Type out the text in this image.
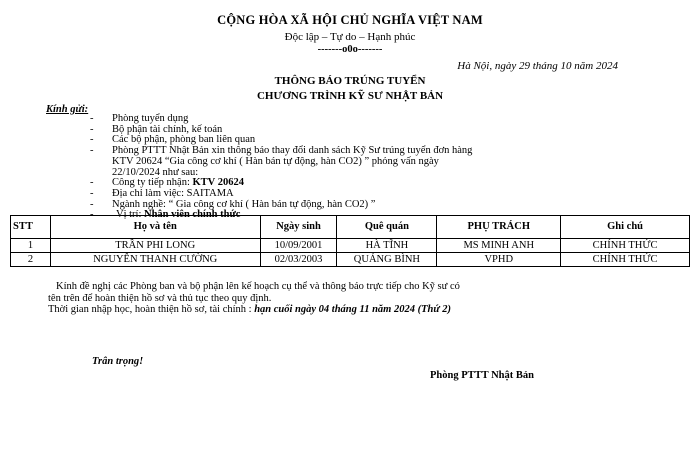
CỘNG HÒA XÃ HỘI CHỦ NGHĨA VIỆT NAM
Độc lập – Tự do – Hạnh phúc
-------o0o-------
Hà Nội, ngày 29 tháng 10 năm 2024
THÔNG BÁO TRÚNG TUYỂN
CHƯƠNG TRÌNH KỸ SƯ NHẬT BẢN
Kính gửi:
- Phòng tuyển dụng
- Bộ phận tài chính, kế toán
- Các bộ phận, phòng ban liên quan
- Phòng PTTT Nhật Bản xin thông báo thay đổi danh sách Kỹ Sư trúng tuyển đơn hàng
KTV 20624 “Gia công cơ khí ( Hàn bán tự động, hàn CO2) ” phỏng vấn ngày
22/10/2024 như sau:
- Công ty tiếp nhận: KTV 20624
- Địa chỉ làm việc: SAITAMA
- Ngành nghề: “ Gia công cơ khí ( Hàn bán tự động, hàn CO2) ”
- Vị trí: Nhân viên chính thức
STT	Họ và tên	Ngày sinh	Quê quán	PHỤ TRÁCH	Ghi chú
1	TRẦN PHI LONG	10/09/2001	HÀ TĨNH	MS MINH ANH	CHÍNH THỨC
2	NGUYỄN THANH CƯỜNG	02/03/2003	QUẢNG BÌNH	VPHD	CHÍNH THỨC
Kính đề nghị các Phòng ban và bộ phận lên kế hoạch cụ thể và thông báo trực tiếp cho Kỹ sư có
tên trên để hoàn thiện hồ sơ và thủ tục theo quy định.
Thời gian nhập học, hoàn thiện hồ sơ, tài chính : hạn cuối ngày 04 tháng 11 năm 2024 (Thứ 2)
Trân trọng!
Phòng PTTT Nhật Bản
